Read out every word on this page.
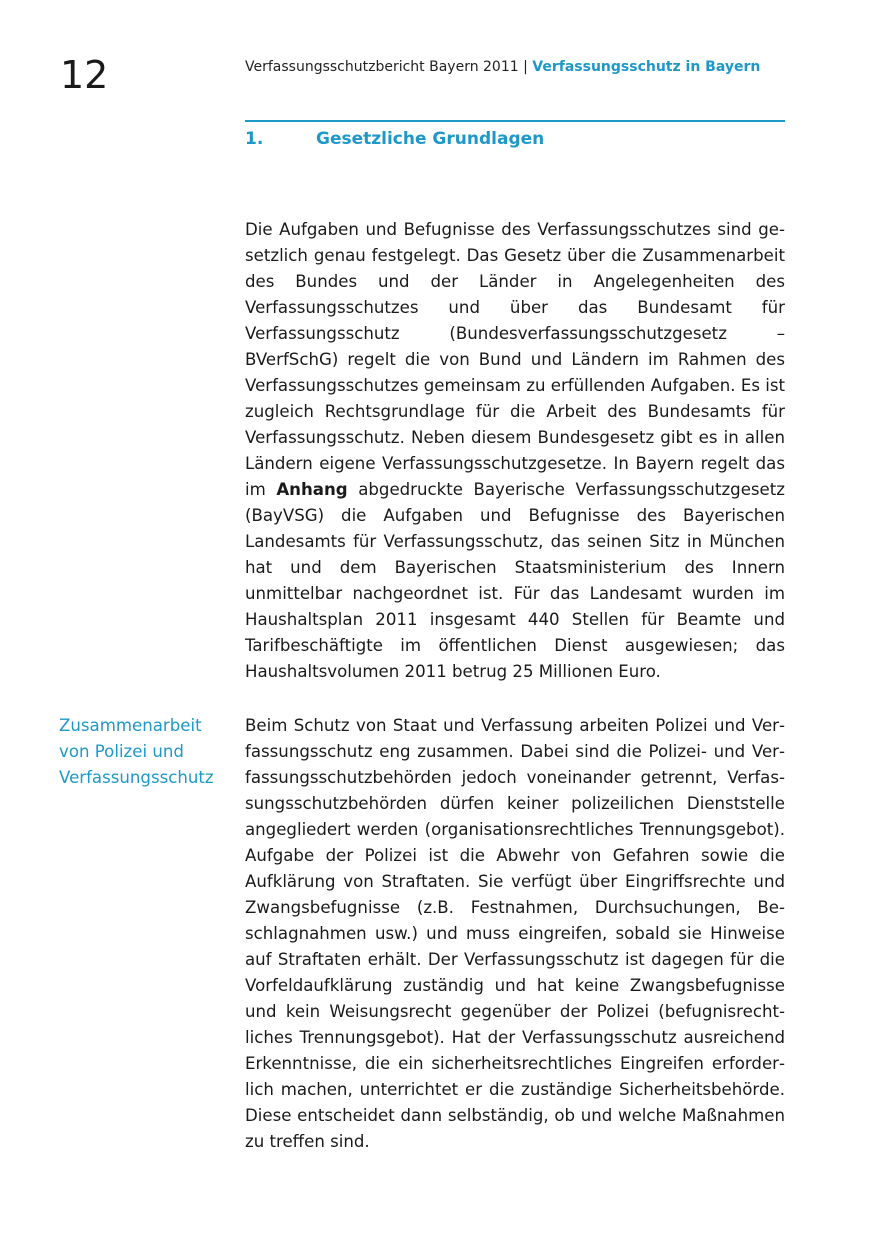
12	Verfassungsschutzbericht Bayern 2011 | Verfassungsschutz in Bayern
1.	Gesetzliche Grundlagen

Die Aufgaben und Befugnisse des Verfassungsschutzes sind gesetzlich genau festgelegt. Das Gesetz über die Zusammenarbeit des Bundes und der Länder in Angelegenheiten des Verfassungsschutzes und über das Bundesamt für Verfassungsschutz (Bundesverfassungsschutzgesetz – BVerfSchG) regelt die von Bund und Ländern im Rahmen des Verfassungsschutzes gemeinsam zu erfüllenden Aufgaben. Es ist zugleich Rechtsgrundlage für die Arbeit des Bundesamts für Verfassungsschutz. Neben diesem Bundesgesetz gibt es in allen Ländern eigene Verfassungsschutzgesetze. In Bayern regelt das im Anhang abgedruckte Bayerische Verfassungsschutzgesetz (BayVSG) die Aufgaben und Befugnisse des Bayerischen Landesamts für Verfassungsschutz, das seinen Sitz in München hat und dem Bayerischen Staatsministerium des Innern unmittelbar nachgeordnet ist. Für das Landesamt wurden im Haushaltsplan 2011 insgesamt 440 Stellen für Beamte und Tarifbeschäftigte im öffentlichen Dienst ausgewiesen; das Haushaltsvolumen 2011 betrug 25 Millionen Euro.

Zusammenarbeit
von Polizei und
Verfassungsschutz

Beim Schutz von Staat und Verfassung arbeiten Polizei und Verfassungsschutz eng zusammen. Dabei sind die Polizei- und Verfassungsschutzbehörden jedoch voneinander getrennt, Verfassungsschutzbehörden dürfen keiner polizeilichen Dienststelle angegliedert werden (organisationsrechtliches Trennungsgebot). Aufgabe der Polizei ist die Abwehr von Gefahren sowie die Aufklärung von Straftaten. Sie verfügt über Eingriffsrechte und Zwangsbefugnisse (z.B. Festnahmen, Durchsuchungen, Beschlagnahmen usw.) und muss eingreifen, sobald sie Hinweise auf Straftaten erhält. Der Verfassungsschutz ist dagegen für die Vorfeldaufklärung zuständig und hat keine Zwangsbefugnisse und kein Weisungsrecht gegenüber der Polizei (befugnisrechtliches Trennungsgebot). Hat der Verfassungsschutz ausreichend Erkenntnisse, die ein sicherheitsrechtliches Eingreifen erforderlich machen, unterrichtet er die zuständige Sicherheitsbehörde. Diese entscheidet dann selbständig, ob und welche Maßnahmen zu treffen sind.
